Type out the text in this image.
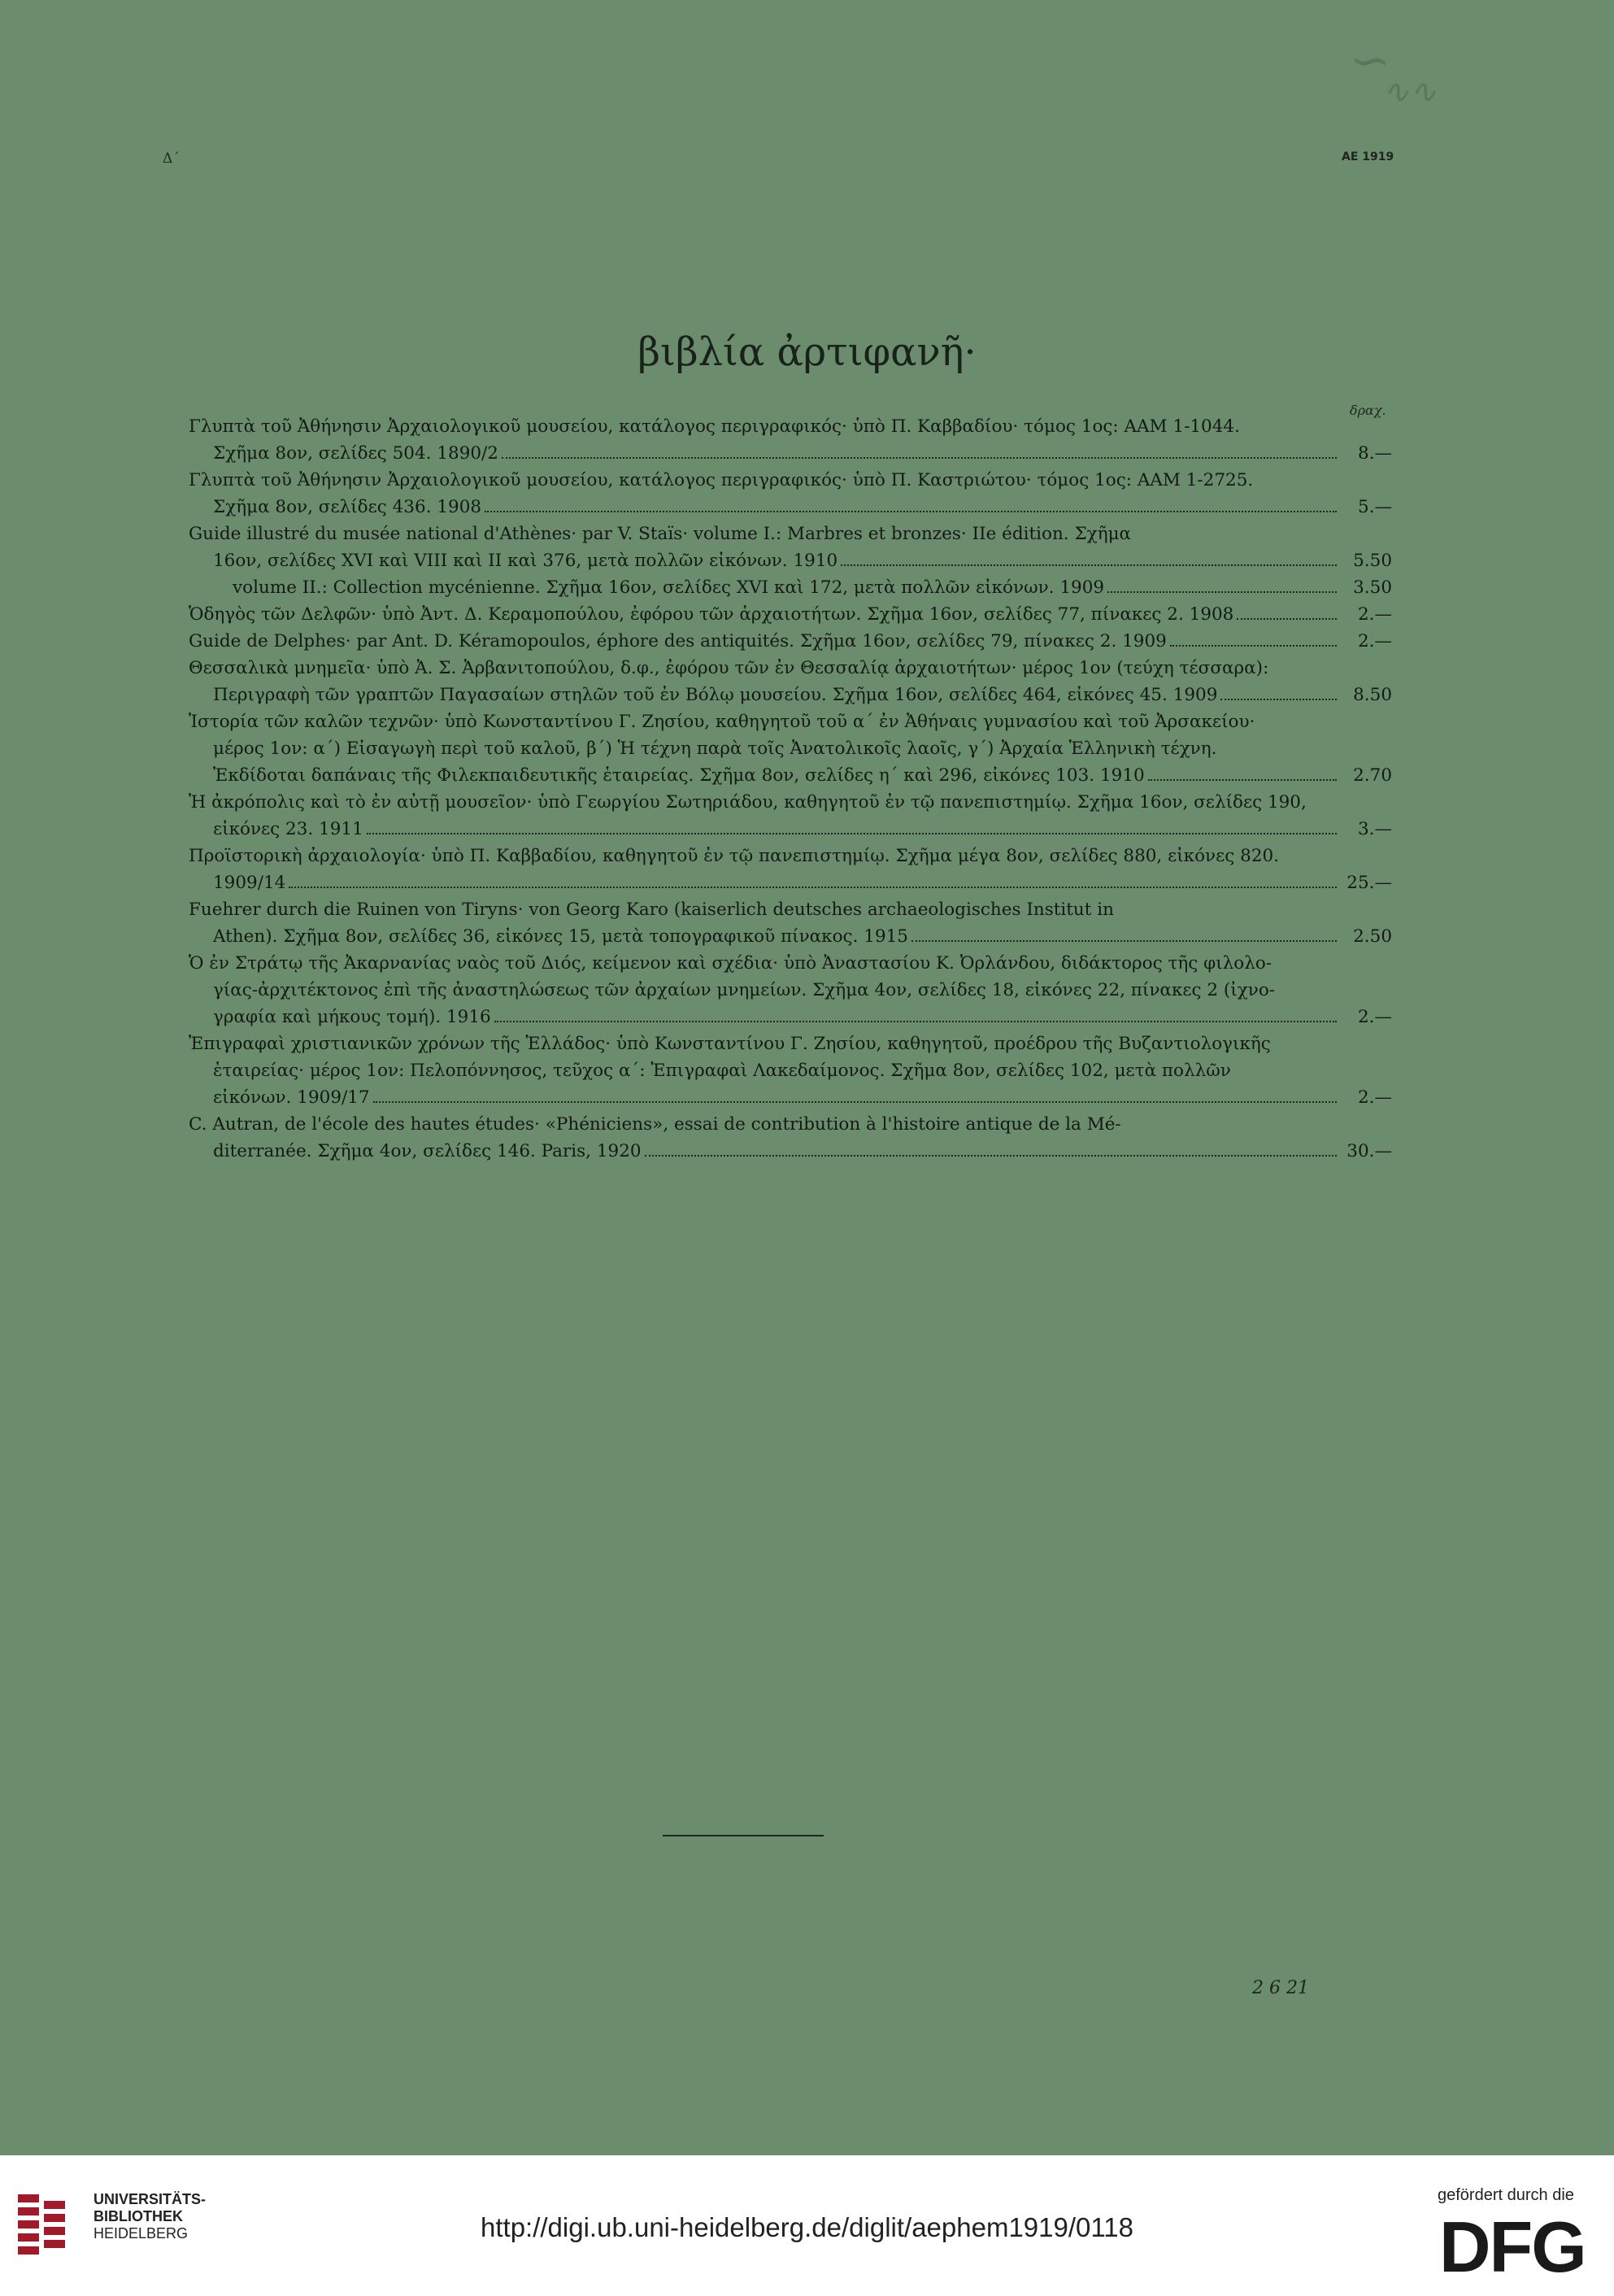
∽
∿∿
Δ΄	ΑΕ 1919
βιβλία ἀρτιφανῆ·
δραχ.
Γλυπτὰ τοῦ Ἀθήνησιν Ἀρχαιολογικοῦ μουσείου, κατάλογος περιγραφικός· ὑπὸ Π. Καββαδίου· τόμος 1ος: ΑΑΜ 1-1044.
Σχῆμα 8ον, σελίδες 504. 1890/2	8.—
Γλυπτὰ τοῦ Ἀθήνησιν Ἀρχαιολογικοῦ μουσείου, κατάλογος περιγραφικός· ὑπὸ Π. Καστριώτου· τόμος 1ος: ΑΑΜ 1-2725.
Σχῆμα 8ον, σελίδες 436. 1908	5.—
Guide illustré du musée national d'Athènes· par V. Staïs· volume I.: Marbres et bronzes· IIe édition. Σχῆμα
16ον, σελίδες XVI καὶ VIII καὶ II καὶ 376, μετὰ πολλῶν εἰκόνων. 1910	5.50
volume II.: Collection mycénienne. Σχῆμα 16ον, σελίδες XVI καὶ 172, μετὰ πολλῶν εἰκόνων. 1909	3.50
Ὁδηγὸς τῶν Δελφῶν· ὑπὸ Ἀντ. Δ. Κεραμοπούλου, ἐφόρου τῶν ἀρχαιοτήτων. Σχῆμα 16ον, σελίδες 77, πίνακες 2. 1908	2.—
Guide de Delphes· par Ant. D. Kéramopoulos, éphore des antiquités. Σχῆμα 16ον, σελίδες 79, πίνακες 2. 1909	2.—
Θεσσαλικὰ μνημεῖα· ὑπὸ Ἀ. Σ. Ἀρβανιτοπούλου, δ.φ., ἐφόρου τῶν ἐν Θεσσαλίᾳ ἀρχαιοτήτων· μέρος 1ον (τεύχη τέσσαρα):
Περιγραφὴ τῶν γραπτῶν Παγασαίων στηλῶν τοῦ ἐν Βόλῳ μουσείου. Σχῆμα 16ον, σελίδες 464, εἰκόνες 45. 1909	8.50
Ἱστορία τῶν καλῶν τεχνῶν· ὑπὸ Κωνσταντίνου Γ. Ζησίου, καθηγητοῦ τοῦ α΄ ἐν Ἀθήναις γυμνασίου καὶ τοῦ Ἀρσακείου·
μέρος 1ον: α΄) Εἰσαγωγὴ περὶ τοῦ καλοῦ, β΄) Ἡ τέχνη παρὰ τοῖς Ἀνατολικοῖς λαοῖς, γ΄) Ἀρχαία Ἑλληνικὴ τέχνη.
Ἐκδίδοται δαπάναις τῆς Φιλεκπαιδευτικῆς ἑταιρείας. Σχῆμα 8ον, σελίδες η΄ καὶ 296, εἰκόνες 103. 1910	2.70
Ἡ ἀκρόπολις καὶ τὸ ἐν αὐτῇ μουσεῖον· ὑπὸ Γεωργίου Σωτηριάδου, καθηγητοῦ ἐν τῷ πανεπιστημίῳ. Σχῆμα 16ον, σελίδες 190,
εἰκόνες 23. 1911	3.—
Προϊστορικὴ ἀρχαιολογία· ὑπὸ Π. Καββαδίου, καθηγητοῦ ἐν τῷ πανεπιστημίῳ. Σχῆμα μέγα 8ον, σελίδες 880, εἰκόνες 820.
1909/14	25.—
Fuehrer durch die Ruinen von Tiryns· von Georg Karo (kaiserlich deutsches archaeologisches Institut in
Athen). Σχῆμα 8ον, σελίδες 36, εἰκόνες 15, μετὰ τοπογραφικοῦ πίνακος. 1915	2.50
Ὁ ἐν Στράτῳ τῆς Ἀκαρνανίας ναὸς τοῦ Διός, κείμενον καὶ σχέδια· ὑπὸ Ἀναστασίου Κ. Ὀρλάνδου, διδάκτορος τῆς φιλολο-
γίας-ἀρχιτέκτονος ἐπὶ τῆς ἀναστηλώσεως τῶν ἀρχαίων μνημείων. Σχῆμα 4ον, σελίδες 18, εἰκόνες 22, πίνακες 2 (ἰχνο-
γραφία καὶ μήκους τομή). 1916	2.—
Ἐπιγραφαὶ χριστιανικῶν χρόνων τῆς Ἑλλάδος· ὑπὸ Κωνσταντίνου Γ. Ζησίου, καθηγητοῦ, προέδρου τῆς Βυζαντιολογικῆς
ἑταιρείας· μέρος 1ον: Πελοπόννησος, τεῦχος α΄: Ἐπιγραφαὶ Λακεδαίμονος. Σχῆμα 8ον, σελίδες 102, μετὰ πολλῶν
εἰκόνων. 1909/17	2.—
C. Autran, de l'école des hautes études· «Phéniciens», essai de contribution à l'histoire antique de la Mé-
diterranée. Σχῆμα 4ον, σελίδες 146. Paris, 1920	30.—
2 6 21
UNIVERSITÄTS-
BIBLIOTHEK
HEIDELBERG	http://digi.ub.uni-heidelberg.de/diglit/aephem1919/0118
gefördert durch die
DFG
